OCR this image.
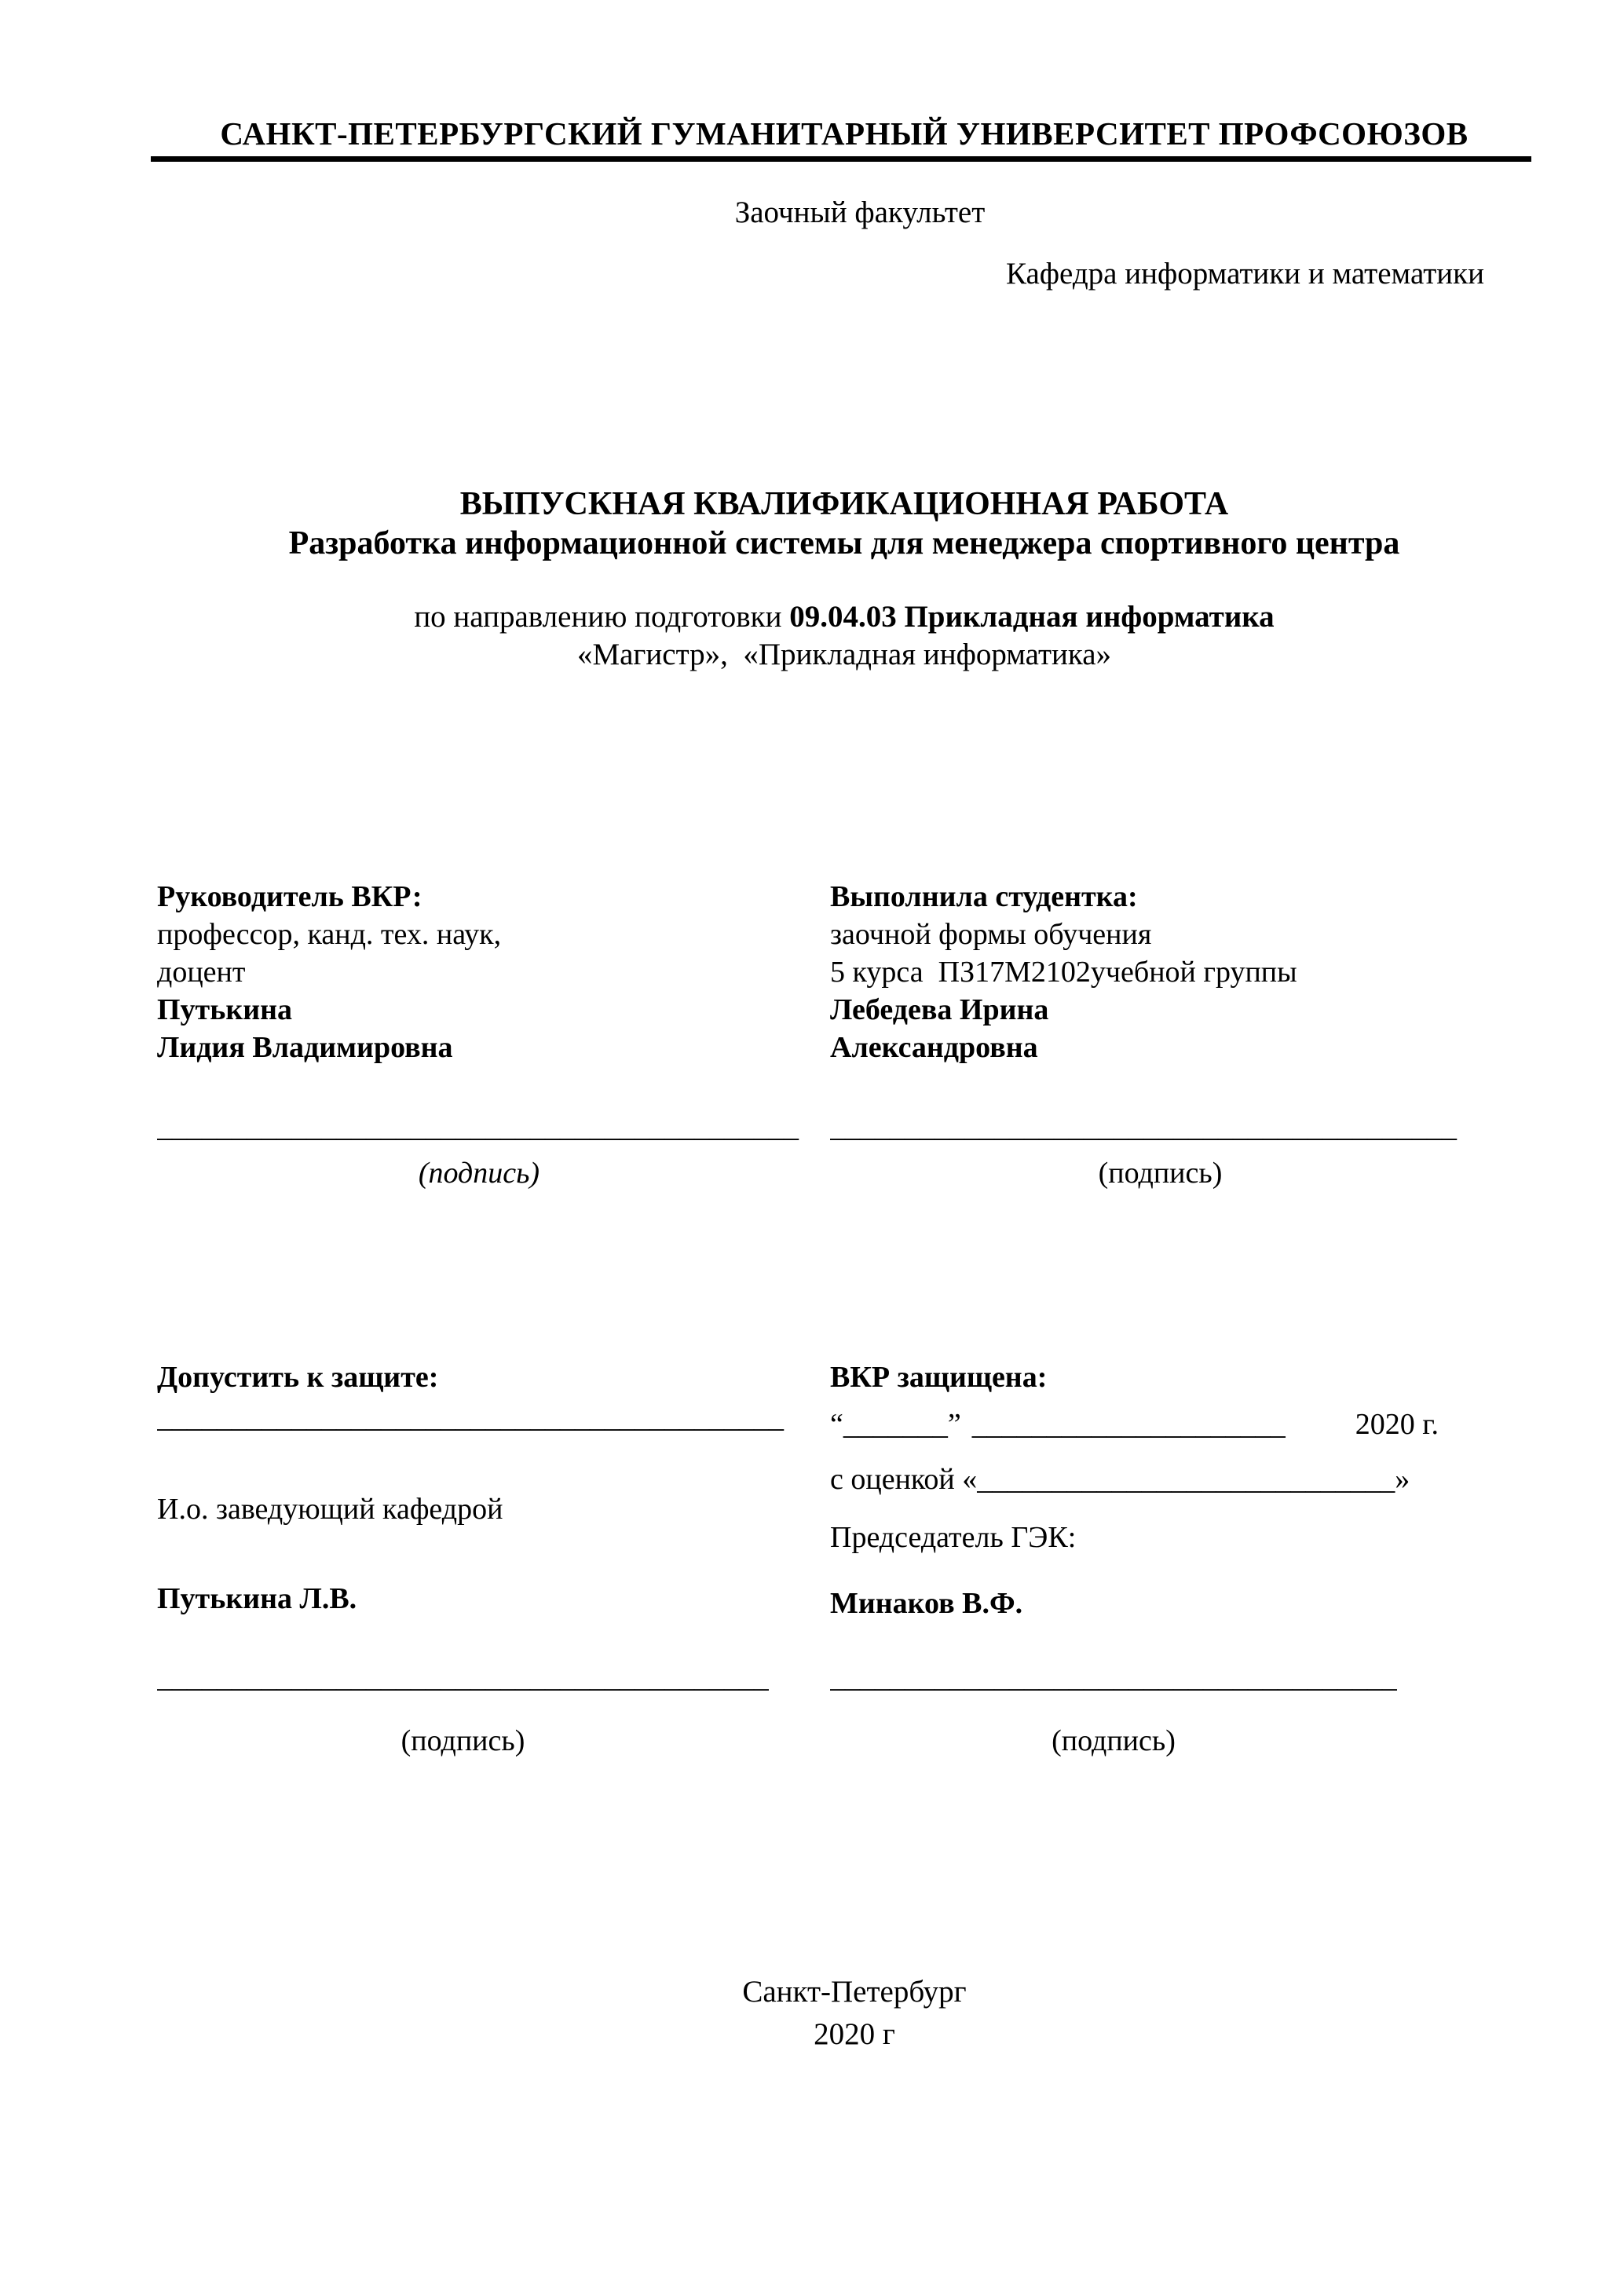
САНКТ-ПЕТЕРБУРГСКИЙ ГУМАНИТАРНЫЙ УНИВЕРСИТЕТ ПРОФСОЮЗОВ
Заочный факультет
Кафедра информатики и математики
ВЫПУСКНАЯ КВАЛИФИКАЦИОННАЯ РАБОТА
Разработка информационной системы для менеджера спортивного центра
по направлению подготовки 09.04.03 Прикладная информатика
«Магистр»,  «Прикладная информатика»
Руководитель ВКР:
профессор, канд. тех. наук,
доцент
Путькина
Лидия Владимировна
___________________________________________
(подпись)
Выполнила студентка:
заочной формы обучения
5 курса  ПЗ17М2102учебной группы
Лебедева Ирина
Александровна
__________________________________________
(подпись)
Допустить к защите:
__________________________________________
И.о. заведующий кафедрой
Путькина Л.В.
_________________________________________
(подпись)
ВКР защищена:
“ _______ ” _____________________ 2020 г.
с оценкой « ____________________________ »
Председатель ГЭК:
Минаков В.Ф.
______________________________________
(подпись)
Санкт-Петербург
2020 г
